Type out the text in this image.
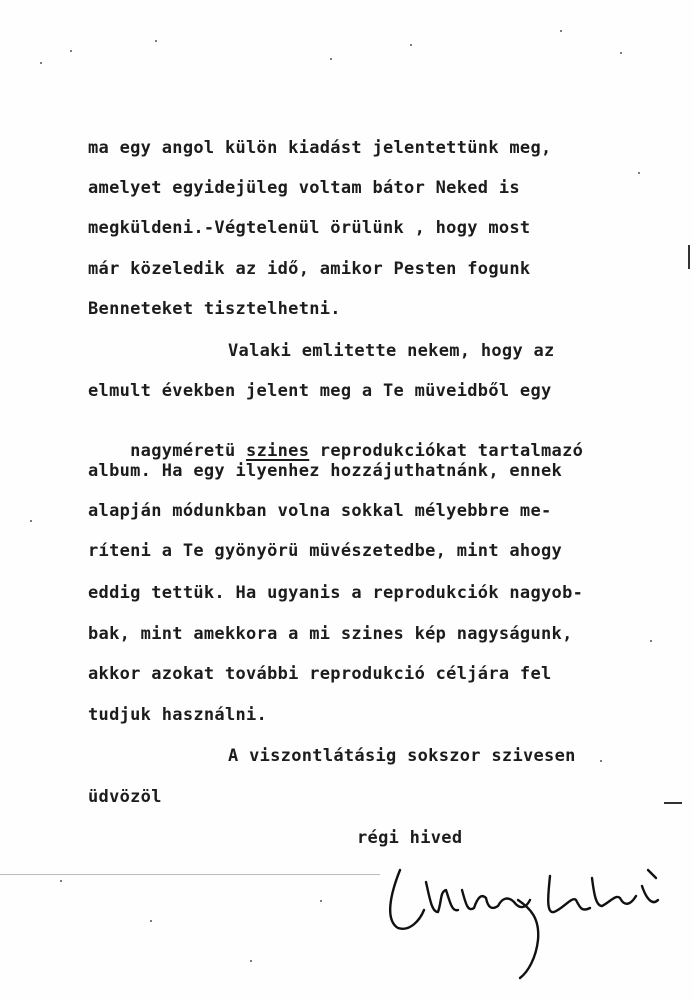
ma egy angol külön kiadást jelentettünk meg,
amelyet egyidejüleg voltam bátor Neked is
megküldeni.-Végtelenül örülünk , hogy most
már közeledik az idő, amikor Pesten fogunk
Benneteket tisztelhetni.
Valaki emlitette nekem, hogy az
elmult években jelent meg a Te müveidből egy

nagyméretü szines reprodukciókat tartalmazó

album. Ha egy ilyenhez hozzájuthatnánk, ennek
alapján módunkban volna sokkal mélyebbre me-
ríteni a Te gyönyörü müvészetedbe, mint ahogy
eddig tettük. Ha ugyanis a reprodukciók nagyob-
bak, mint amekkora a mi szines kép nagyságunk,
akkor azokat további reprodukció céljára fel
tudjuk használni.
A viszontlátásig sokszor szivesen
üdvözöl
régi hived
